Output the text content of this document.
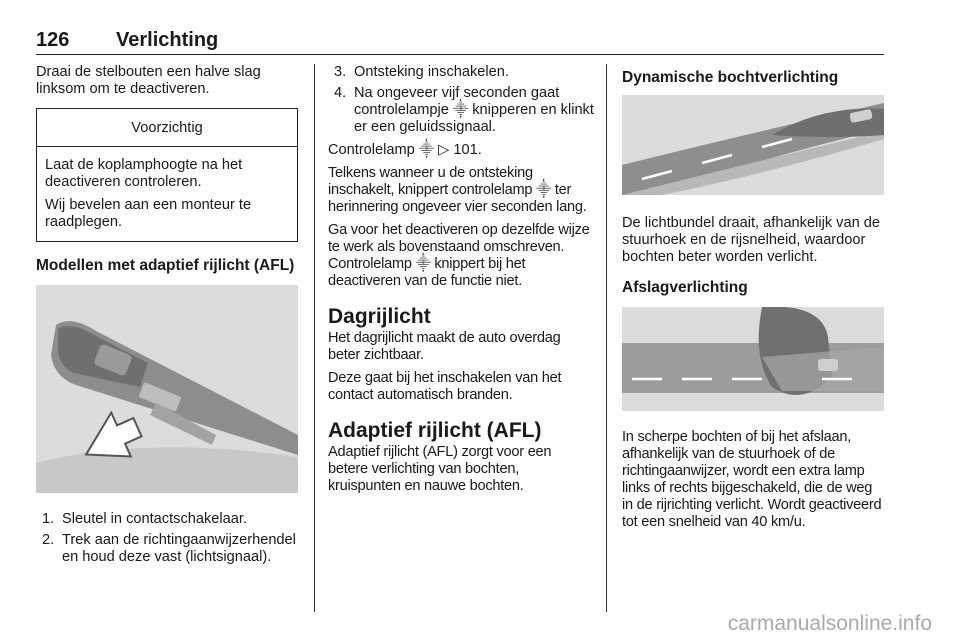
126	Verlichting

Draai de stelbouten een halve slag linksom om te deactiveren.

Voorzichtig

Laat de koplamphoogte na het deactiveren controleren.

Wij bevelen aan een monteur te raadplegen.

Modellen met adaptief rijlicht (AFL)
1. Sleutel in contactschakelaar.
2. Trek aan de richtingaanwijzerhendel en houd deze vast (lichtsignaal).
3. Ontsteking inschakelen.
4. Na ongeveer vijf seconden gaat controlelampje ⸎ knipperen en klinkt er een geluidssignaal.

Controlelamp ⸎ ▷ 101.

Telkens wanneer u de ontsteking inschakelt, knippert controlelamp ⸎ ter herinnering ongeveer vier seconden lang.

Ga voor het deactiveren op dezelfde wijze te werk als bovenstaand omschreven. Controlelamp ⸎ knippert bij het deactiveren van de functie niet.

Dagrijlicht

Het dagrijlicht maakt de auto overdag beter zichtbaar.

Deze gaat bij het inschakelen van het contact automatisch branden.

Adaptief rijlicht (AFL)

Adaptief rijlicht (AFL) zorgt voor een betere verlichting van bochten, kruispunten en nauwe bochten.

Dynamische bochtverlichting

De lichtbundel draait, afhankelijk van de stuurhoek en de rijsnelheid, waardoor bochten beter worden verlicht.

Afslagverlichting

In scherpe bochten of bij het afslaan, afhankelijk van de stuurhoek of de richtingaanwijzer, wordt een extra lamp links of rechts bijgeschakeld, die de weg in de rijrichting verlicht. Wordt geactiveerd tot een snelheid van 40 km/u.

carmanualsonline.info
